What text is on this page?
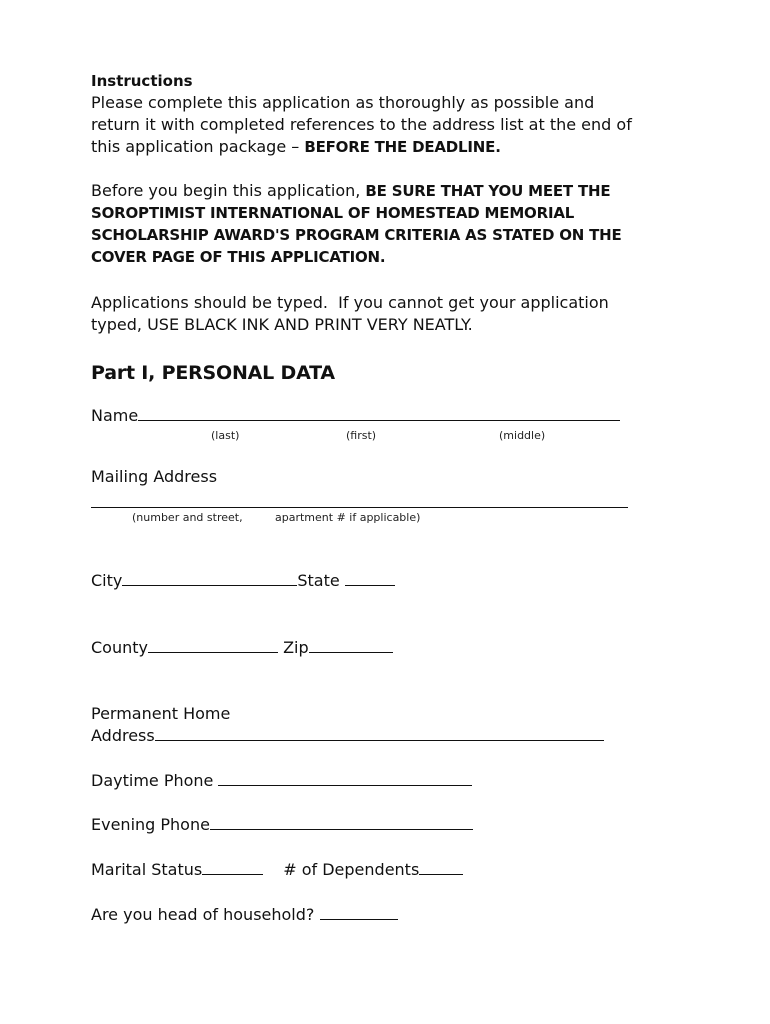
Instructions
Please complete this application as thoroughly as possible and
return it with completed references to the address list at the end of
this application package – BEFORE THE DEADLINE.
Before you begin this application, BE SURE THAT YOU MEET THE
SOROPTIMIST INTERNATIONAL OF HOMESTEAD MEMORIAL
SCHOLARSHIP AWARD'S PROGRAM CRITERIA AS STATED ON THE
COVER PAGE OF THIS APPLICATION.
Applications should be typed.  If you cannot get your application
typed, USE BLACK INK AND PRINT VERY NEATLY.
Part I, PERSONAL DATA
Name
(last)	(first)	(middle)
Mailing Address
(number and street,	apartment # if applicable)
City	State
County	Zip
Permanent Home
Address
Daytime Phone
Evening Phone
Marital Status	# of Dependents
Are you head of household?
